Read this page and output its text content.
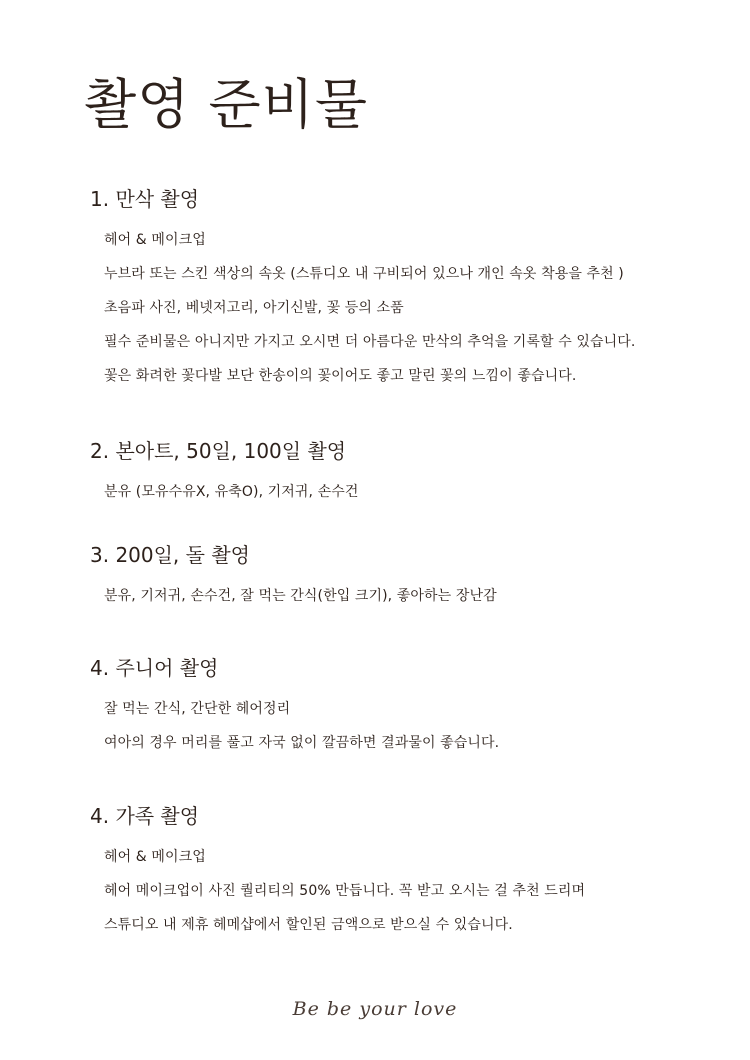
촬영 준비물
1. 만삭 촬영
헤어 & 메이크업
누브라 또는 스킨 색상의 속옷 (스튜디오 내 구비되어 있으나 개인 속옷 착용을 추천 )
초음파 사진, 베넷저고리, 아기신발, 꽃 등의 소품
필수 준비물은 아니지만 가지고 오시면 더 아름다운 만삭의 추억을 기록할 수 있습니다.
꽃은 화려한 꽃다발 보단 한송이의 꽃이어도 좋고 말린 꽃의 느낌이 좋습니다.
2. 본아트, 50일, 100일 촬영
분유 (모유수유X, 유축O), 기저귀, 손수건
3. 200일, 돌 촬영
분유, 기저귀, 손수건, 잘 먹는 간식(한입 크기), 좋아하는 장난감
4. 주니어 촬영
잘 먹는 간식, 간단한 헤어정리
여아의 경우 머리를 풀고 자국 없이 깔끔하면 결과물이 좋습니다.
4. 가족 촬영
헤어 & 메이크업
헤어 메이크업이 사진 퀄리티의 50% 만듭니다. 꼭 받고 오시는 걸 추천 드리며
스튜디오 내 제휴 헤메샵에서 할인된 금액으로 받으실 수 있습니다.
Be be your love
